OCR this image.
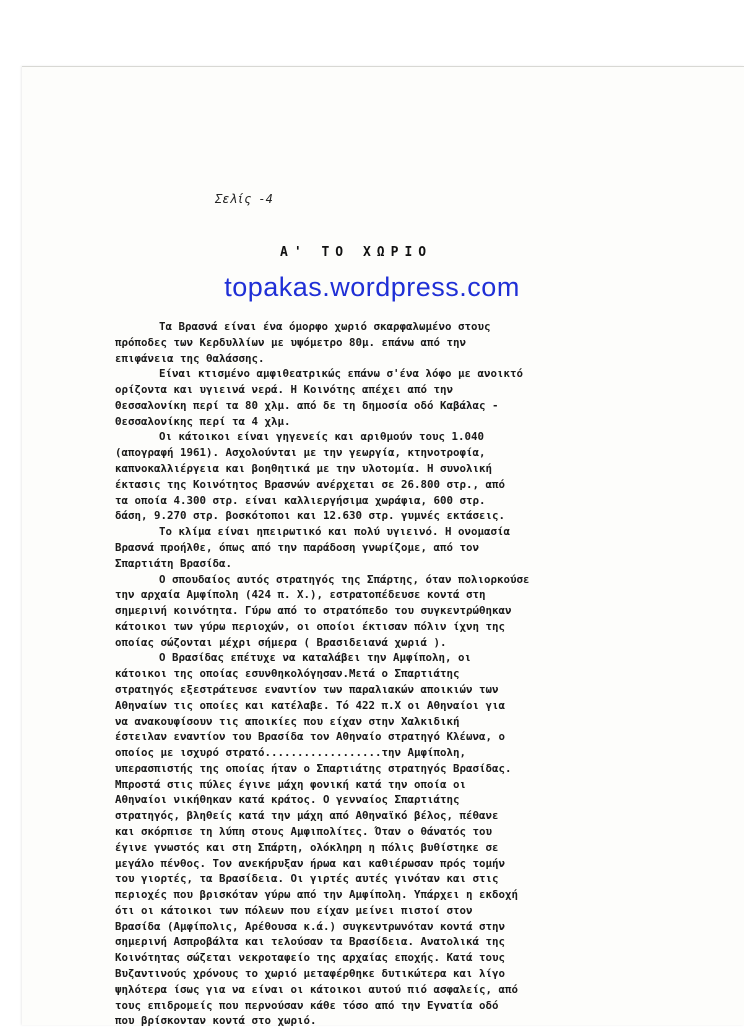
Σελίς -4
Α' ΤΟ ΧΩΡΙΟ
topakas.wordpress.com
Τα Βρασνά είναι ένα όμορφο χωριό σκαρφαλωμένο στους
πρόποδες των Κερδυλλίων με υψόμετρο 80μ. επάνω από την
επιφάνεια της θαλάσσης.
Είναι κτισμένο αμφιθεατρικώς επάνω σ'ένα λόφο με ανοικτό
ορίζοντα και υγιεινά νερά. Η Κοινότης απέχει από την
Θεσσαλονίκη περί τα 80 χλμ. από δε τη δημοσία οδό Καβάλας -
Θεσσαλονίκης περί τα 4 χλμ.
Οι κάτοικοι είναι γηγενείς και αριθμούν τους 1.040
(απογραφή 1961). Ασχολούνται με την γεωργία, κτηνοτροφία,
καπνοκαλλιέργεια και βοηθητικά με την υλοτομία. Η συνολική
έκτασις της Κοινότητος Βρασνών ανέρχεται σε 26.800 στρ., από
τα οποία 4.300 στρ. είναι καλλιεργήσιμα χωράφια, 600 στρ.
δάση, 9.270 στρ. βοσκότοποι και 12.630 στρ. γυμνές εκτάσεις.
Το κλίμα είναι ηπειρωτικό και πολύ υγιεινό. Η ονομασία
Βρασνά προήλθε, όπως από την παράδοση γνωρίζομε, από τον
Σπαρτιάτη Βρασίδα.
Ο σπουδαίος αυτός στρατηγός της Σπάρτης, όταν πολιορκούσε
την αρχαία Αμφίπολη (424 π. Χ.), εστρατοπέδευσε κοντά στη
σημερινή κοινότητα. Γύρω από το στρατόπεδο του συγκεντρώθηκαν
κάτοικοι των γύρω περιοχών, οι οποίοι έκτισαν πόλιν ίχνη της
οποίας σώζονται μέχρι σήμερα ( Βρασιδειανά χωριά ).
Ο Βρασίδας επέτυχε να καταλάβει την Αμφίπολη, οι
κάτοικοι της οποίας εσυνθηκολόγησαν.Μετά ο Σπαρτιάτης
στρατηγός εξεστράτευσε εναντίον των παραλιακών αποικιών των
Αθηναίων τις οποίες και κατέλαβε. Τό 422 π.Χ οι Αθηναίοι για
να ανακουφίσουν τις αποικίες που είχαν στην Χαλκιδική
έστειλαν εναντίον του Βρασίδα τον Αθηναίο στρατηγό Κλέωνα, ο
οποίος με ισχυρό στρατό..................την Αμφίπολη,
υπερασπιστής της οποίας ήταν ο Σπαρτιάτης στρατηγός Βρασίδας.
Μπροστά στις πύλες έγινε μάχη φονική κατά την οποία οι
Αθηναίοι νικήθηκαν κατά κράτος. Ο γενναίος Σπαρτιάτης
στρατηγός, βληθείς κατά την μάχη από Αθηναϊκό βέλος, πέθανε
και σκόρπισε τη λύπη στους Αμφιπολίτες. Όταν ο θάνατός του
έγινε γνωστός και στη Σπάρτη, ολόκληρη η πόλις βυθίστηκε σε
μεγάλο πένθος. Τον ανεκήρυξαν ήρωα και καθιέρωσαν πρός τομήν
του γιορτές, τα Βρασίδεια. Οι γιρτές αυτές γινόταν και στις
περιοχές που βρισκόταν γύρω από την Αμφίπολη. Υπάρχει η εκδοχή
ότι οι κάτοικοι των πόλεων που είχαν μείνει πιστοί στον
Βρασίδα (Αμφίπολις, Αρέθουσα κ.ά.) συγκεντρωνόταν κοντά στην
σημερινή Ασπροβάλτα και τελούσαν τα Βρασίδεια. Ανατολικά της
Κοινότητας σώζεται νεκροταφείο της αρχαίας εποχής. Κατά τους
Βυζαντινούς χρόνους το χωριό μεταφέρθηκε δυτικώτερα και λίγο
ψηλότερα ίσως για να είναι οι κάτοικοι αυτού πιό ασφαλείς, από
τους επιδρομείς που περνούσαν κάθε τόσο από την Εγνατία οδό
που βρίσκονταν κοντά στο χωριό.
